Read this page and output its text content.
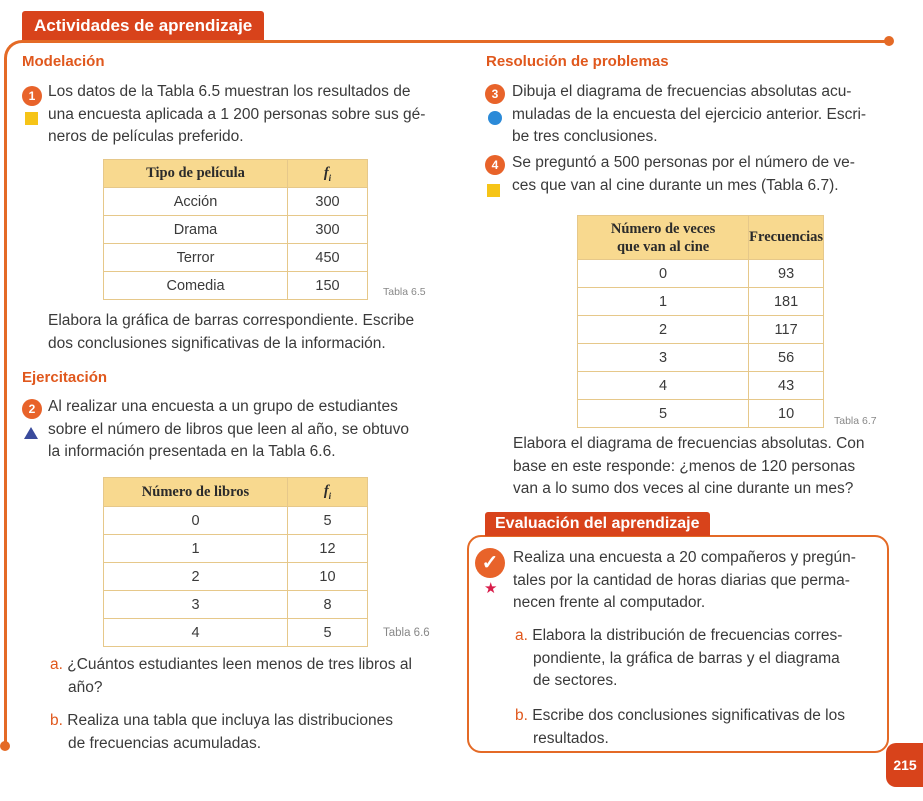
Actividades de aprendizaje
Modelación
1 Los datos de la Tabla 6.5 muestran los resultados de
una encuesta aplicada a 1 200 personas sobre sus gé-
neros de películas preferido.
Tipo de película	$f_i$
Acción	300
Drama	300
Terror	450
Comedia	150	Tabla 6.5
Elabora la gráfica de barras correspondiente. Escribe
dos conclusiones significativas de la información.
Ejercitación
2 Al realizar una encuesta a un grupo de estudiantes
sobre el número de libros que leen al año, se obtuvo
la información presentada en la Tabla 6.6.
Número de libros	$f_i$
0	5
1	12
2	10
3	8
4	5	Tabla 6.6
a. ¿Cuántos estudiantes leen menos de tres libros al
año?
b. Realiza una tabla que incluya las distribuciones
de frecuencias acumuladas.
Resolución de problemas
3 Dibuja el diagrama de frecuencias absolutas acu-
muladas de la encuesta del ejercicio anterior. Escri-
be tres conclusiones.
4 Se preguntó a 500 personas por el número de ve-
ces que van al cine durante un mes (Tabla 6.7).
Número de veces
que van al cine	Frecuencias
0	93
1	181
2	117
3	56
4	43
5	10	Tabla 6.7
Elabora el diagrama de frecuencias absolutas. Con
base en este responde: ¿menos de 120 personas
van a lo sumo dos veces al cine durante un mes?
Evaluación del aprendizaje
✓
★
Realiza una encuesta a 20 compañeros y pregún-
tales por la cantidad de horas diarias que perma-
necen frente al computador.
a. Elabora la distribución de frecuencias corres-
pondiente, la gráfica de barras y el diagrama
de sectores.
b. Escribe dos conclusiones significativas de los
resultados.
215
